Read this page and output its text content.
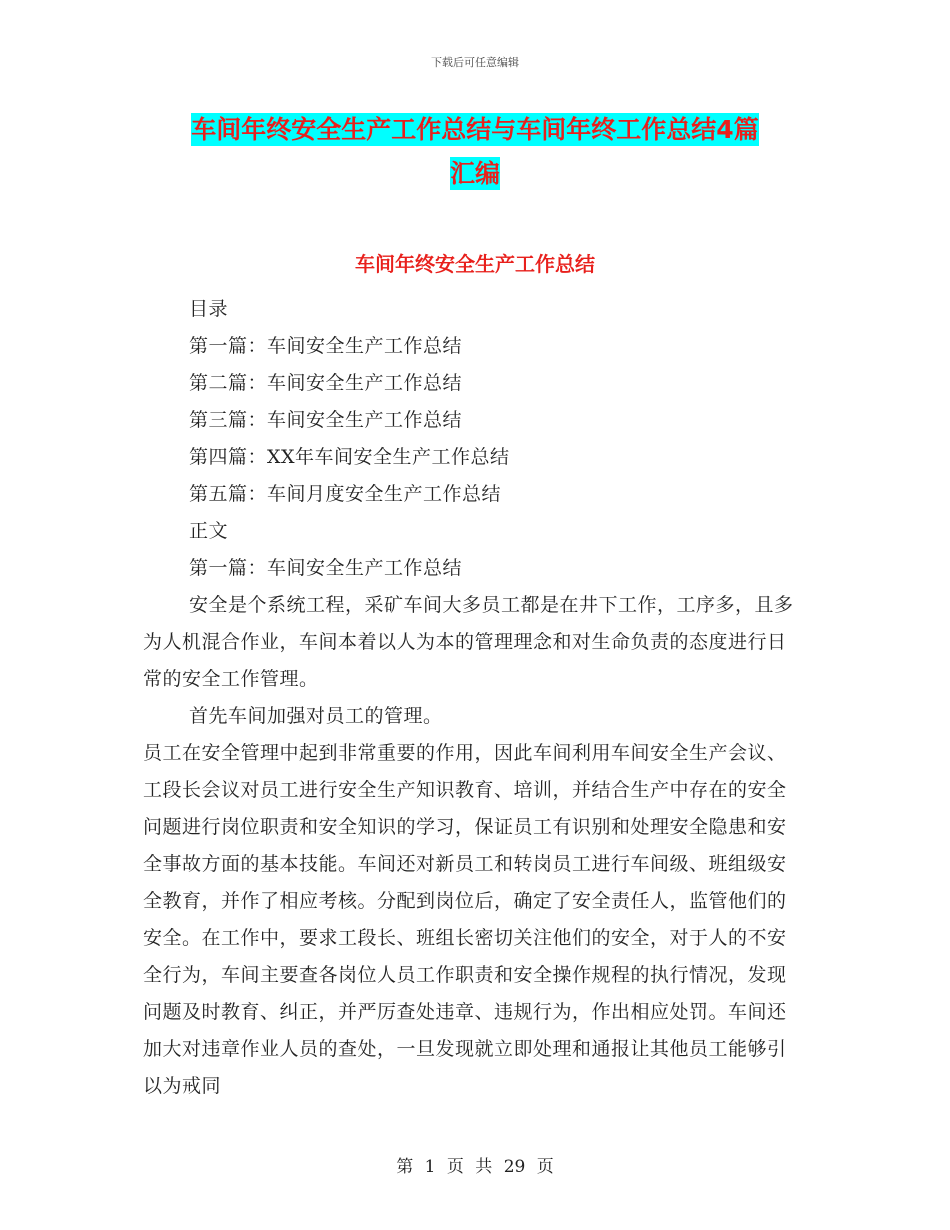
下载后可任意编辑
车间年终安全生产工作总结与车间年终工作总结4篇
汇编
车间年终安全生产工作总结

目录

第一篇：车间安全生产工作总结

第二篇：车间安全生产工作总结

第三篇：车间安全生产工作总结

第四篇：XX年车间安全生产工作总结

第五篇：车间月度安全生产工作总结

正文

第一篇：车间安全生产工作总结

安全是个系统工程，采矿车间大多员工都是在井下工作，工序多，且多为人机混合作业，车间本着以人为本的管理理念和对生命负责的态度进行日常的安全工作管理。

首先车间加强对员工的管理。

员工在安全管理中起到非常重要的作用，因此车间利用车间安全生产会议、工段长会议对员工进行安全生产知识教育、培训，并结合生产中存在的安全问题进行岗位职责和安全知识的学习，保证员工有识别和处理安全隐患和安全事故方面的基本技能。车间还对新员工和转岗员工进行车间级、班组级安全教育，并作了相应考核。分配到岗位后，确定了安全责任人，监管他们的安全。在工作中，要求工段长、班组长密切关注他们的安全，对于人的不安全行为，车间主要查各岗位人员工作职责和安全操作规程的执行情况，发现问题及时教育、纠正，并严厉查处违章、违规行为，作出相应处罚。车间还加大对违章作业人员的查处，一旦发现就立即处理和通报让其他员工能够引以为戒同

第 1 页 共 29 页
